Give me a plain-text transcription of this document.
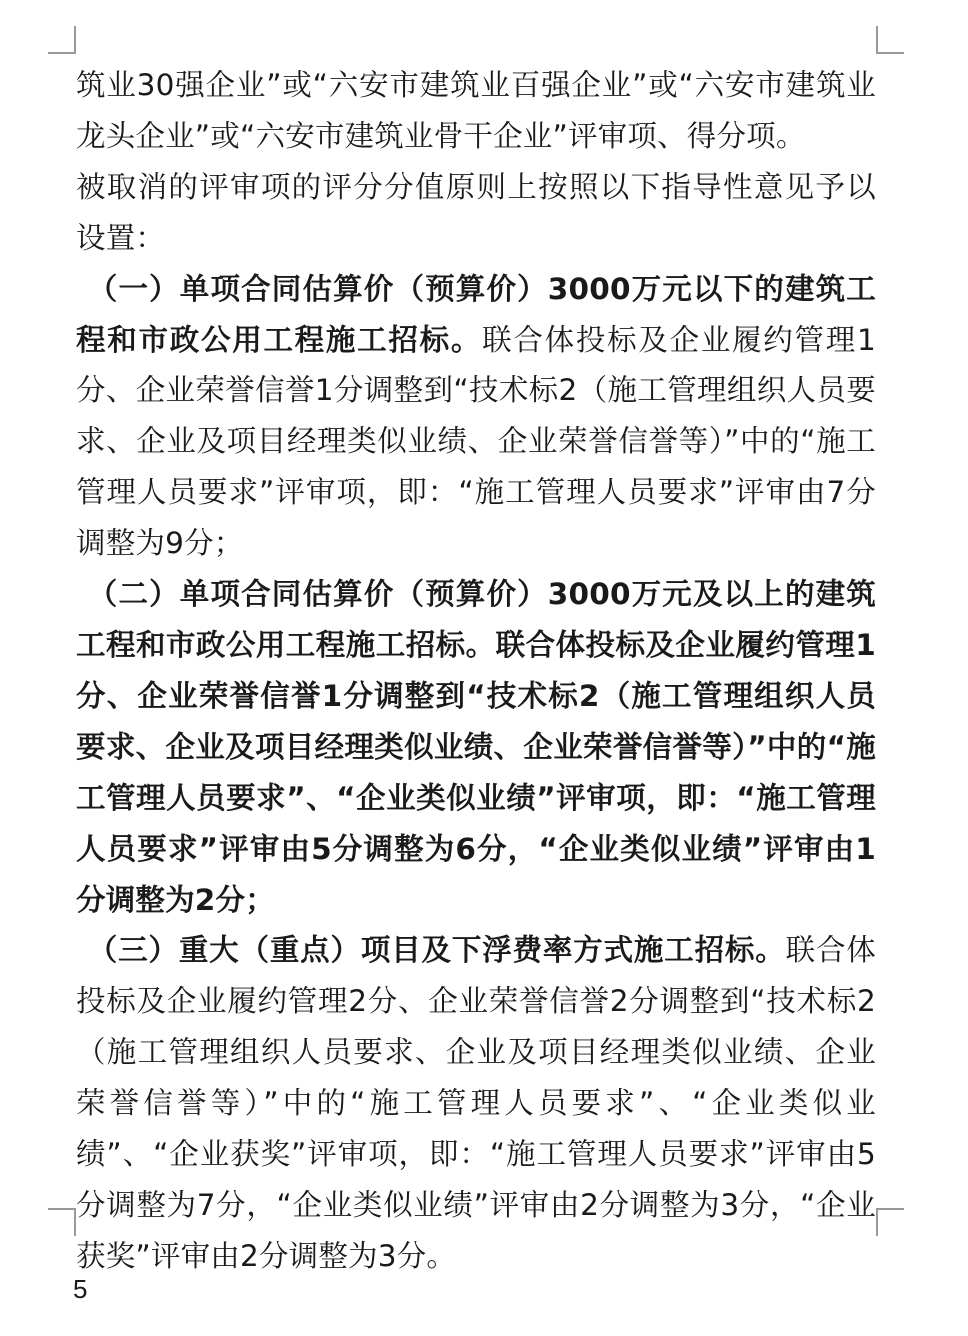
筑业30强企业”或“六安市建筑业百强企业”或“六安市建筑业龙头企业”或“六安市建筑业骨干企业”评审项、得分项。

被取消的评审项的评分分值原则上按照以下指导性意见予以设置：

（一）单项合同估算价（预算价）3000万元以下的建筑工程和市政公用工程施工招标。联合体投标及企业履约管理1分、企业荣誉信誉1分调整到“技术标2（施工管理组织人员要求、企业及项目经理类似业绩、企业荣誉信誉等）”中的“施工管理人员要求”评审项，即：“施工管理人员要求”评审由7分调整为9分；

（二）单项合同估算价（预算价）3000万元及以上的建筑工程和市政公用工程施工招标。联合体投标及企业履约管理1分、企业荣誉信誉1分调整到“技术标2（施工管理组织人员要求、企业及项目经理类似业绩、企业荣誉信誉等）”中的“施工管理人员要求”、“企业类似业绩”评审项，即：“施工管理人员要求”评审由5分调整为6分，“企业类似业绩”评审由1分调整为2分；

（三）重大（重点）项目及下浮费率方式施工招标。联合体投标及企业履约管理2分、企业荣誉信誉2分调整到“技术标2（施工管理组织人员要求、企业及项目经理类似业绩、企业荣誉信誉等）”中的“施工管理人员要求”、“企业类似业绩”、“企业获奖”评审项，即：“施工管理人员要求”评审由5分调整为7分，“企业类似业绩”评审由2分调整为3分，“企业获奖”评审由2分调整为3分。

5
